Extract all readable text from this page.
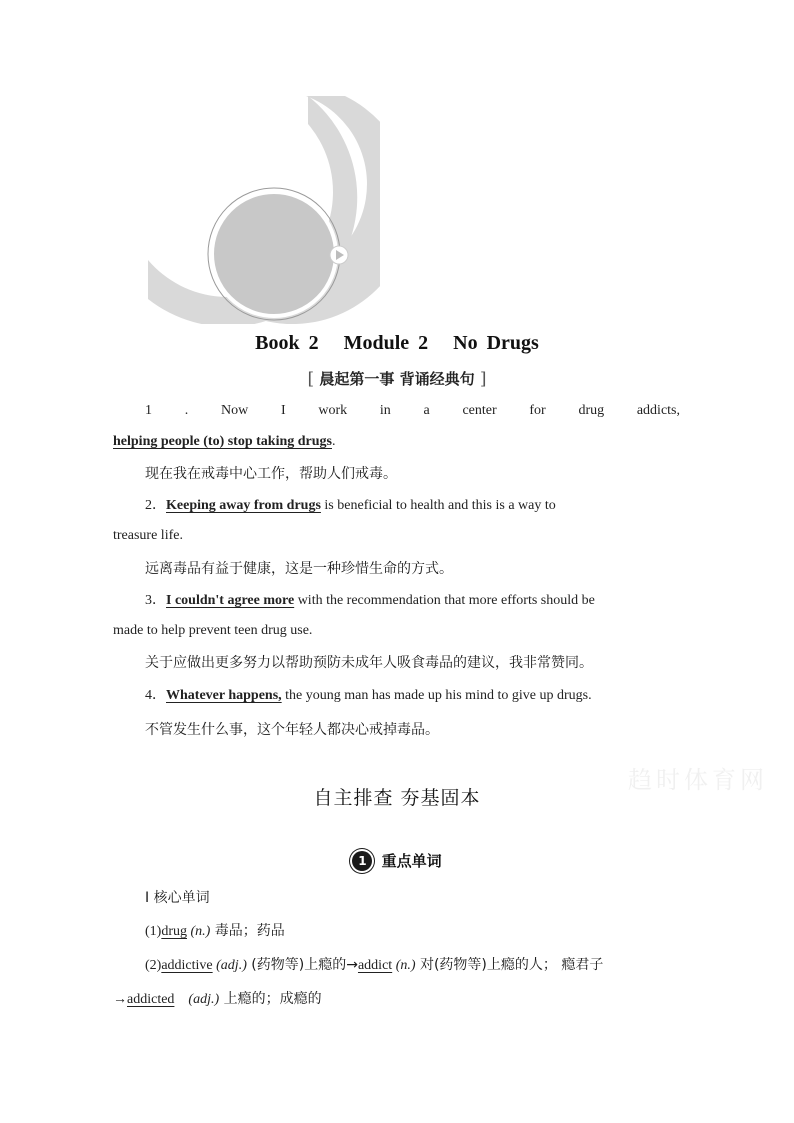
Book 2 Module 2 No Drugs
[ 晨起第一事 背诵经典句 ]
1 . Now I work in a center for drug addicts,
helping people (to) stop taking drugs.
现在我在戒毒中心工作，帮助人们戒毒。
2．Keeping away from drugs is beneficial to health and this is a way to
treasure life.
远离毒品有益于健康，这是一种珍惜生命的方式。
3．I couldn't agree more with the recommendation that more efforts should be
made to help prevent teen drug use.
关于应做出更多努力以帮助预防未成年人吸食毒品的建议，我非常赞同。
4．Whatever happens, the young man has made up his mind to give up drugs.
不管发生什么事，这个年轻人都决心戒掉毒品。
趋时体育网
自主排查 夯基固本
1 重点单词
Ⅰ 核心单词
(1)drug (n.) 毒品；药品
(2)addictive (adj.) (药物等)上瘾的→addict (n.) 对(药物等)上瘾的人； 瘾君子
→addicted (adj.) 上瘾的；成瘾的
